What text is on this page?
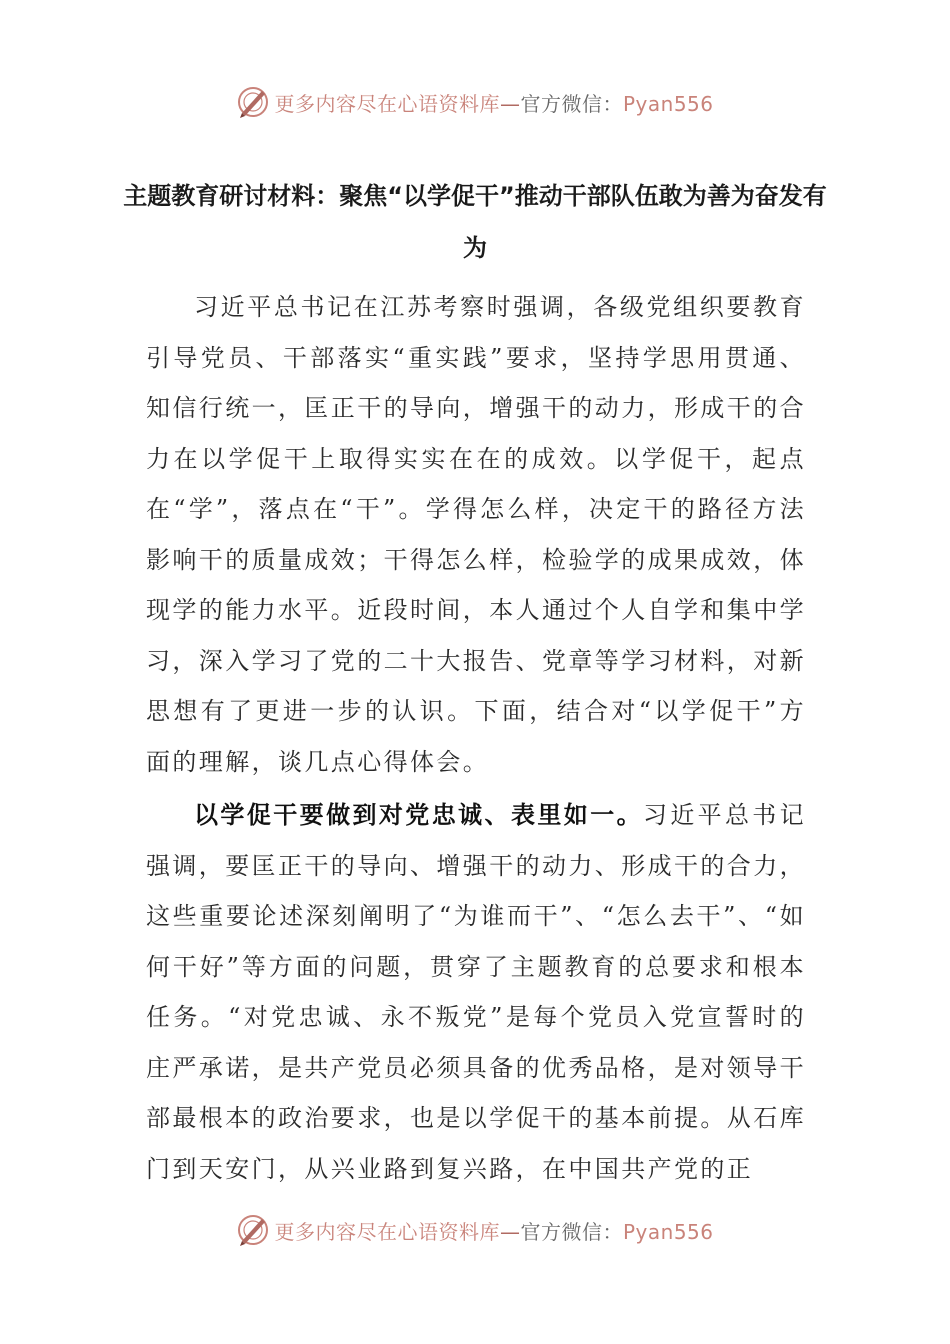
更多内容尽在心语资料库—官方微信：Pyan556
主题教育研讨材料：聚焦“以学促干”推动干部队伍敢为善为奋发有为

习近平总书记在江苏考察时强调，各级党组织要教育引导党员、干部落实“重实践”要求，坚持学思用贯通、知信行统一，匡正干的导向，增强干的动力，形成干的合力在以学促干上取得实实在在的成效。以学促干，起点在“学”，落点在“干”。学得怎么样，决定干的路径方法影响干的质量成效；干得怎么样，检验学的成果成效，体现学的能力水平。近段时间，本人通过个人自学和集中学习，深入学习了党的二十大报告、党章等学习材料，对新思想有了更进一步的认识。下面，结合对“以学促干”方面的理解，谈几点心得体会。

以学促干要做到对党忠诚、表里如一。习近平总书记强调，要匡正干的导向、增强干的动力、形成干的合力，这些重要论述深刻阐明了“为谁而干”、“怎么去干”、“如何干好”等方面的问题，贯穿了主题教育的总要求和根本任务。“对党忠诚、永不叛党”是每个党员入党宣誓时的庄严承诺，是共产党员必须具备的优秀品格，是对领导干部最根本的政治要求，也是以学促干的基本前提。从石库门到天安门，从兴业路到复兴路，在中国共产党的正

更多内容尽在心语资料库—官方微信：Pyan556
